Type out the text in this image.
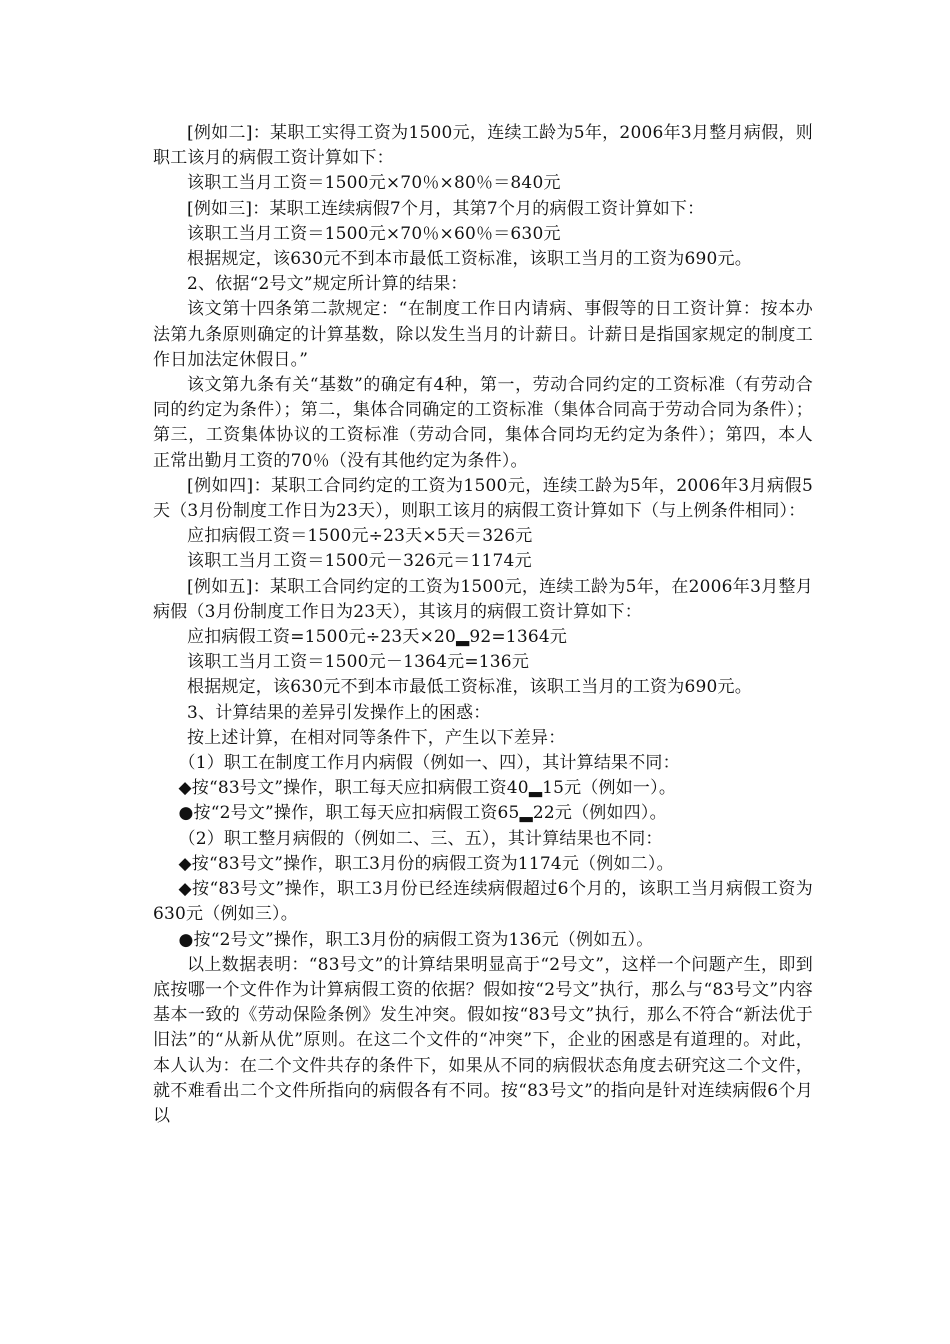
[例如二]：某职工实得工资为1500元，连续工龄为5年，2006年3月整月病假，则职工该月的病假工资计算如下：

该职工当月工资＝1500元×70％×80％＝840元

[例如三]：某职工连续病假7个月，其第7个月的病假工资计算如下：

该职工当月工资＝1500元×70％×60％＝630元

根据规定，该630元不到本市最低工资标准，该职工当月的工资为690元。

2、依据“2号文”规定所计算的结果：

该文第十四条第二款规定：“在制度工作日内请病、事假等的日工资计算：按本办法第九条原则确定的计算基数，除以发生当月的计薪日。计薪日是指国家规定的制度工作日加法定休假日。”

该文第九条有关“基数”的确定有4种，第一，劳动合同约定的工资标准（有劳动合同的约定为条件）；第二，集体合同确定的工资标准（集体合同高于劳动合同为条件）；第三，工资集体协议的工资标准（劳动合同，集体合同均无约定为条件）；第四，本人正常出勤月工资的70％（没有其他约定为条件）。

[例如四]：某职工合同约定的工资为1500元，连续工龄为5年，2006年3月病假5天（3月份制度工作日为23天），则职工该月的病假工资计算如下（与上例条件相同）：

应扣病假工资＝1500元÷23天×5天＝326元

该职工当月工资＝1500元－326元＝1174元

[例如五]：某职工合同约定的工资为1500元，连续工龄为5年，在2006年3月整月病假（3月份制度工作日为23天），其该月的病假工资计算如下：

应扣病假工资=1500元÷23天×20▂92=1364元

该职工当月工资＝1500元－1364元=136元

根据规定，该630元不到本市最低工资标准，该职工当月的工资为690元。

3、计算结果的差异引发操作上的困惑：

按上述计算，在相对同等条件下，产生以下差异：

（1）职工在制度工作月内病假（例如一、四），其计算结果不同：

◆按“83号文”操作，职工每天应扣病假工资40▂15元（例如一）。

●按“2号文”操作，职工每天应扣病假工资65▂22元（例如四）。

（2）职工整月病假的（例如二、三、五），其计算结果也不同：

◆按“83号文”操作，职工3月份的病假工资为1174元（例如二）。

◆按“83号文”操作，职工3月份已经连续病假超过6个月的，该职工当月病假工资为630元（例如三）。

●按“2号文”操作，职工3月份的病假工资为136元（例如五）。

以上数据表明：“83号文”的计算结果明显高于“2号文”，这样一个问题产生，即到底按哪一个文件作为计算病假工资的依据？假如按“2号文”执行，那么与“83号文”内容基本一致的《劳动保险条例》发生冲突。假如按“83号文”执行，那么不符合“新法优于旧法”的“从新从优”原则。在这二个文件的“冲突”下，企业的困惑是有道理的。对此，本人认为：在二个文件共存的条件下，如果从不同的病假状态角度去研究这二个文件，就不难看出二个文件所指向的病假各有不同。按“83号文”的指向是针对连续病假6个月以
